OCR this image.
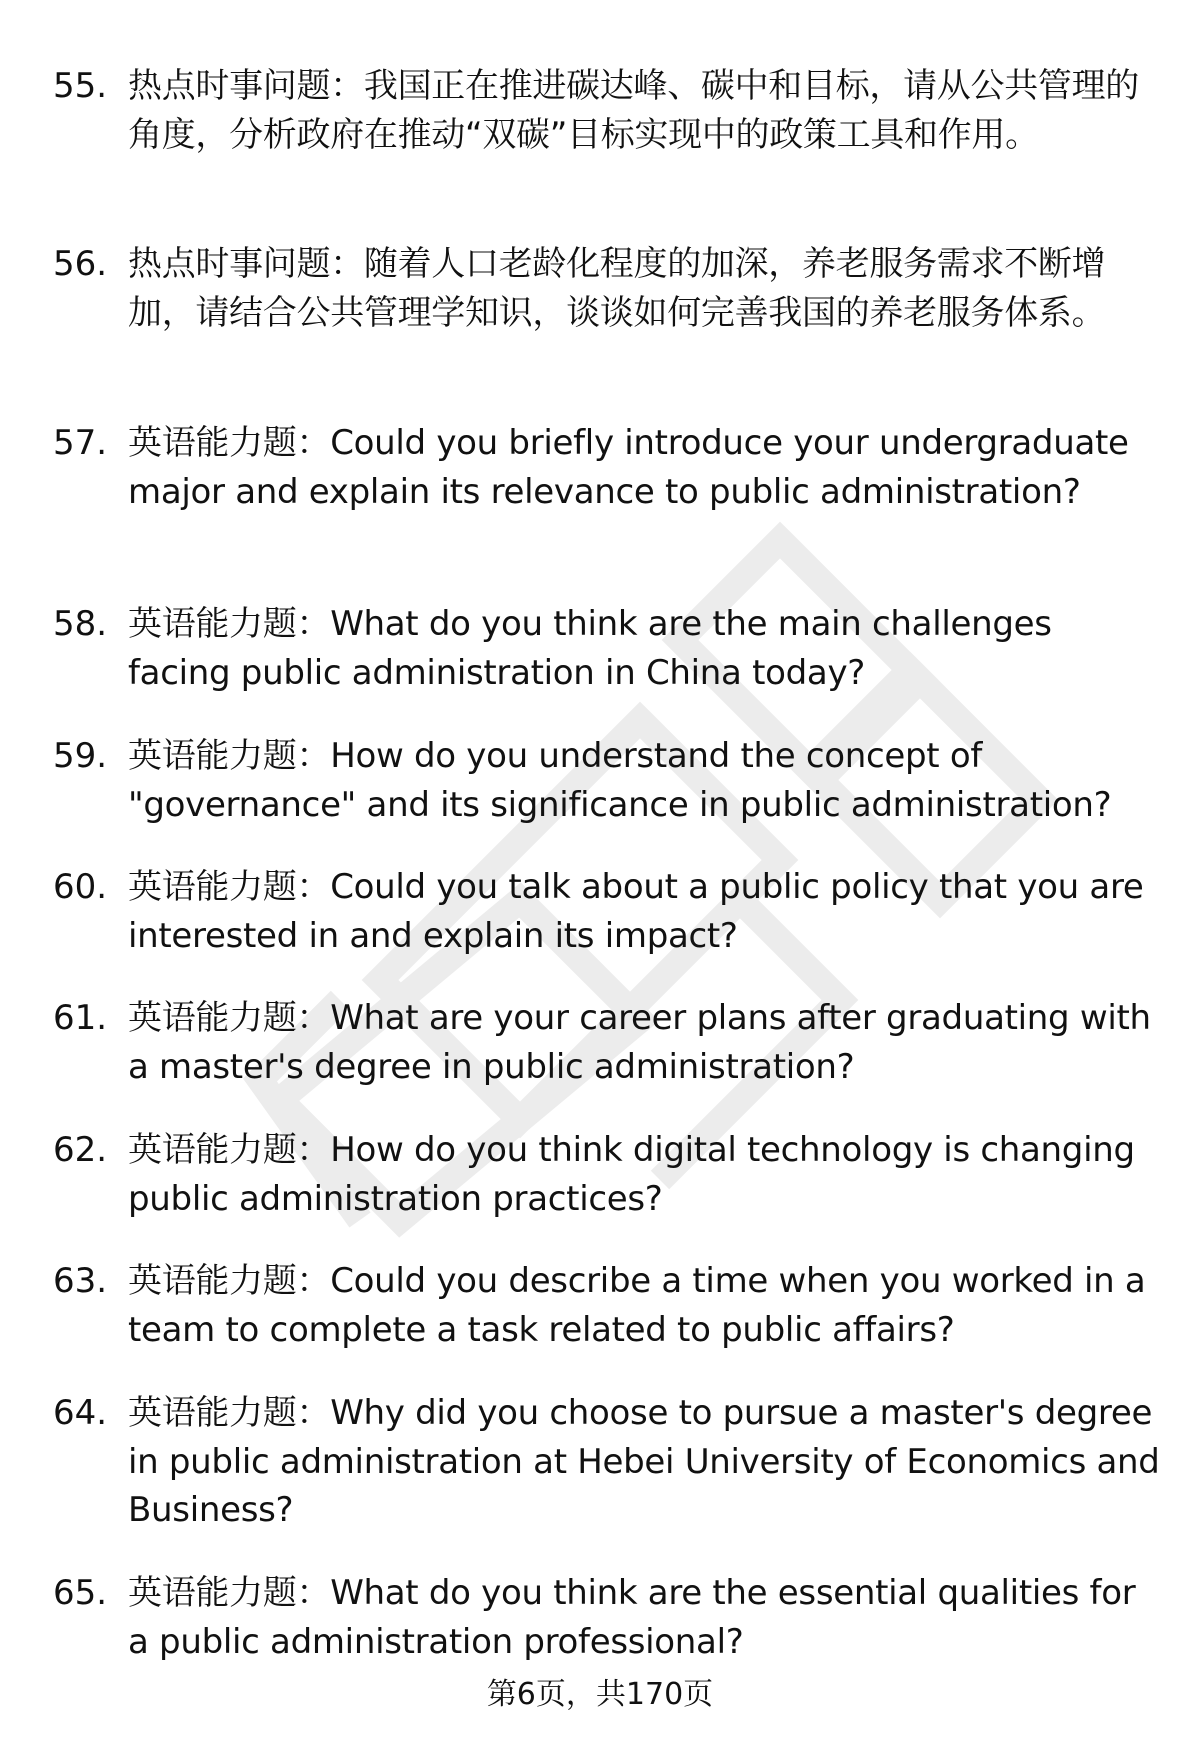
55. 热点时事问题：我国正在推进碳达峰、碳中和目标，请从公共管理的角度，分析政府在推动“双碳”目标实现中的政策工具和作用。
56. 热点时事问题：随着人口老龄化程度的加深，养老服务需求不断增加，请结合公共管理学知识，谈谈如何完善我国的养老服务体系。
57. 英语能力题：Could you briefly introduce your undergraduate major and explain its relevance to public administration?
58. 英语能力题：What do you think are the main challenges facing public administration in China today?
59. 英语能力题：How do you understand the concept of "governance" and its significance in public administration?
60. 英语能力题：Could you talk about a public policy that you are interested in and explain its impact?
61. 英语能力题：What are your career plans after graduating with a master's degree in public administration?
62. 英语能力题：How do you think digital technology is changing public administration practices?
63. 英语能力题：Could you describe a time when you worked in a team to complete a task related to public affairs?
64. 英语能力题：Why did you choose to pursue a master's degree in public administration at Hebei University of Economics and Business?
65. 英语能力题：What do you think are the essential qualities for a public administration professional?
第6页，共170页
